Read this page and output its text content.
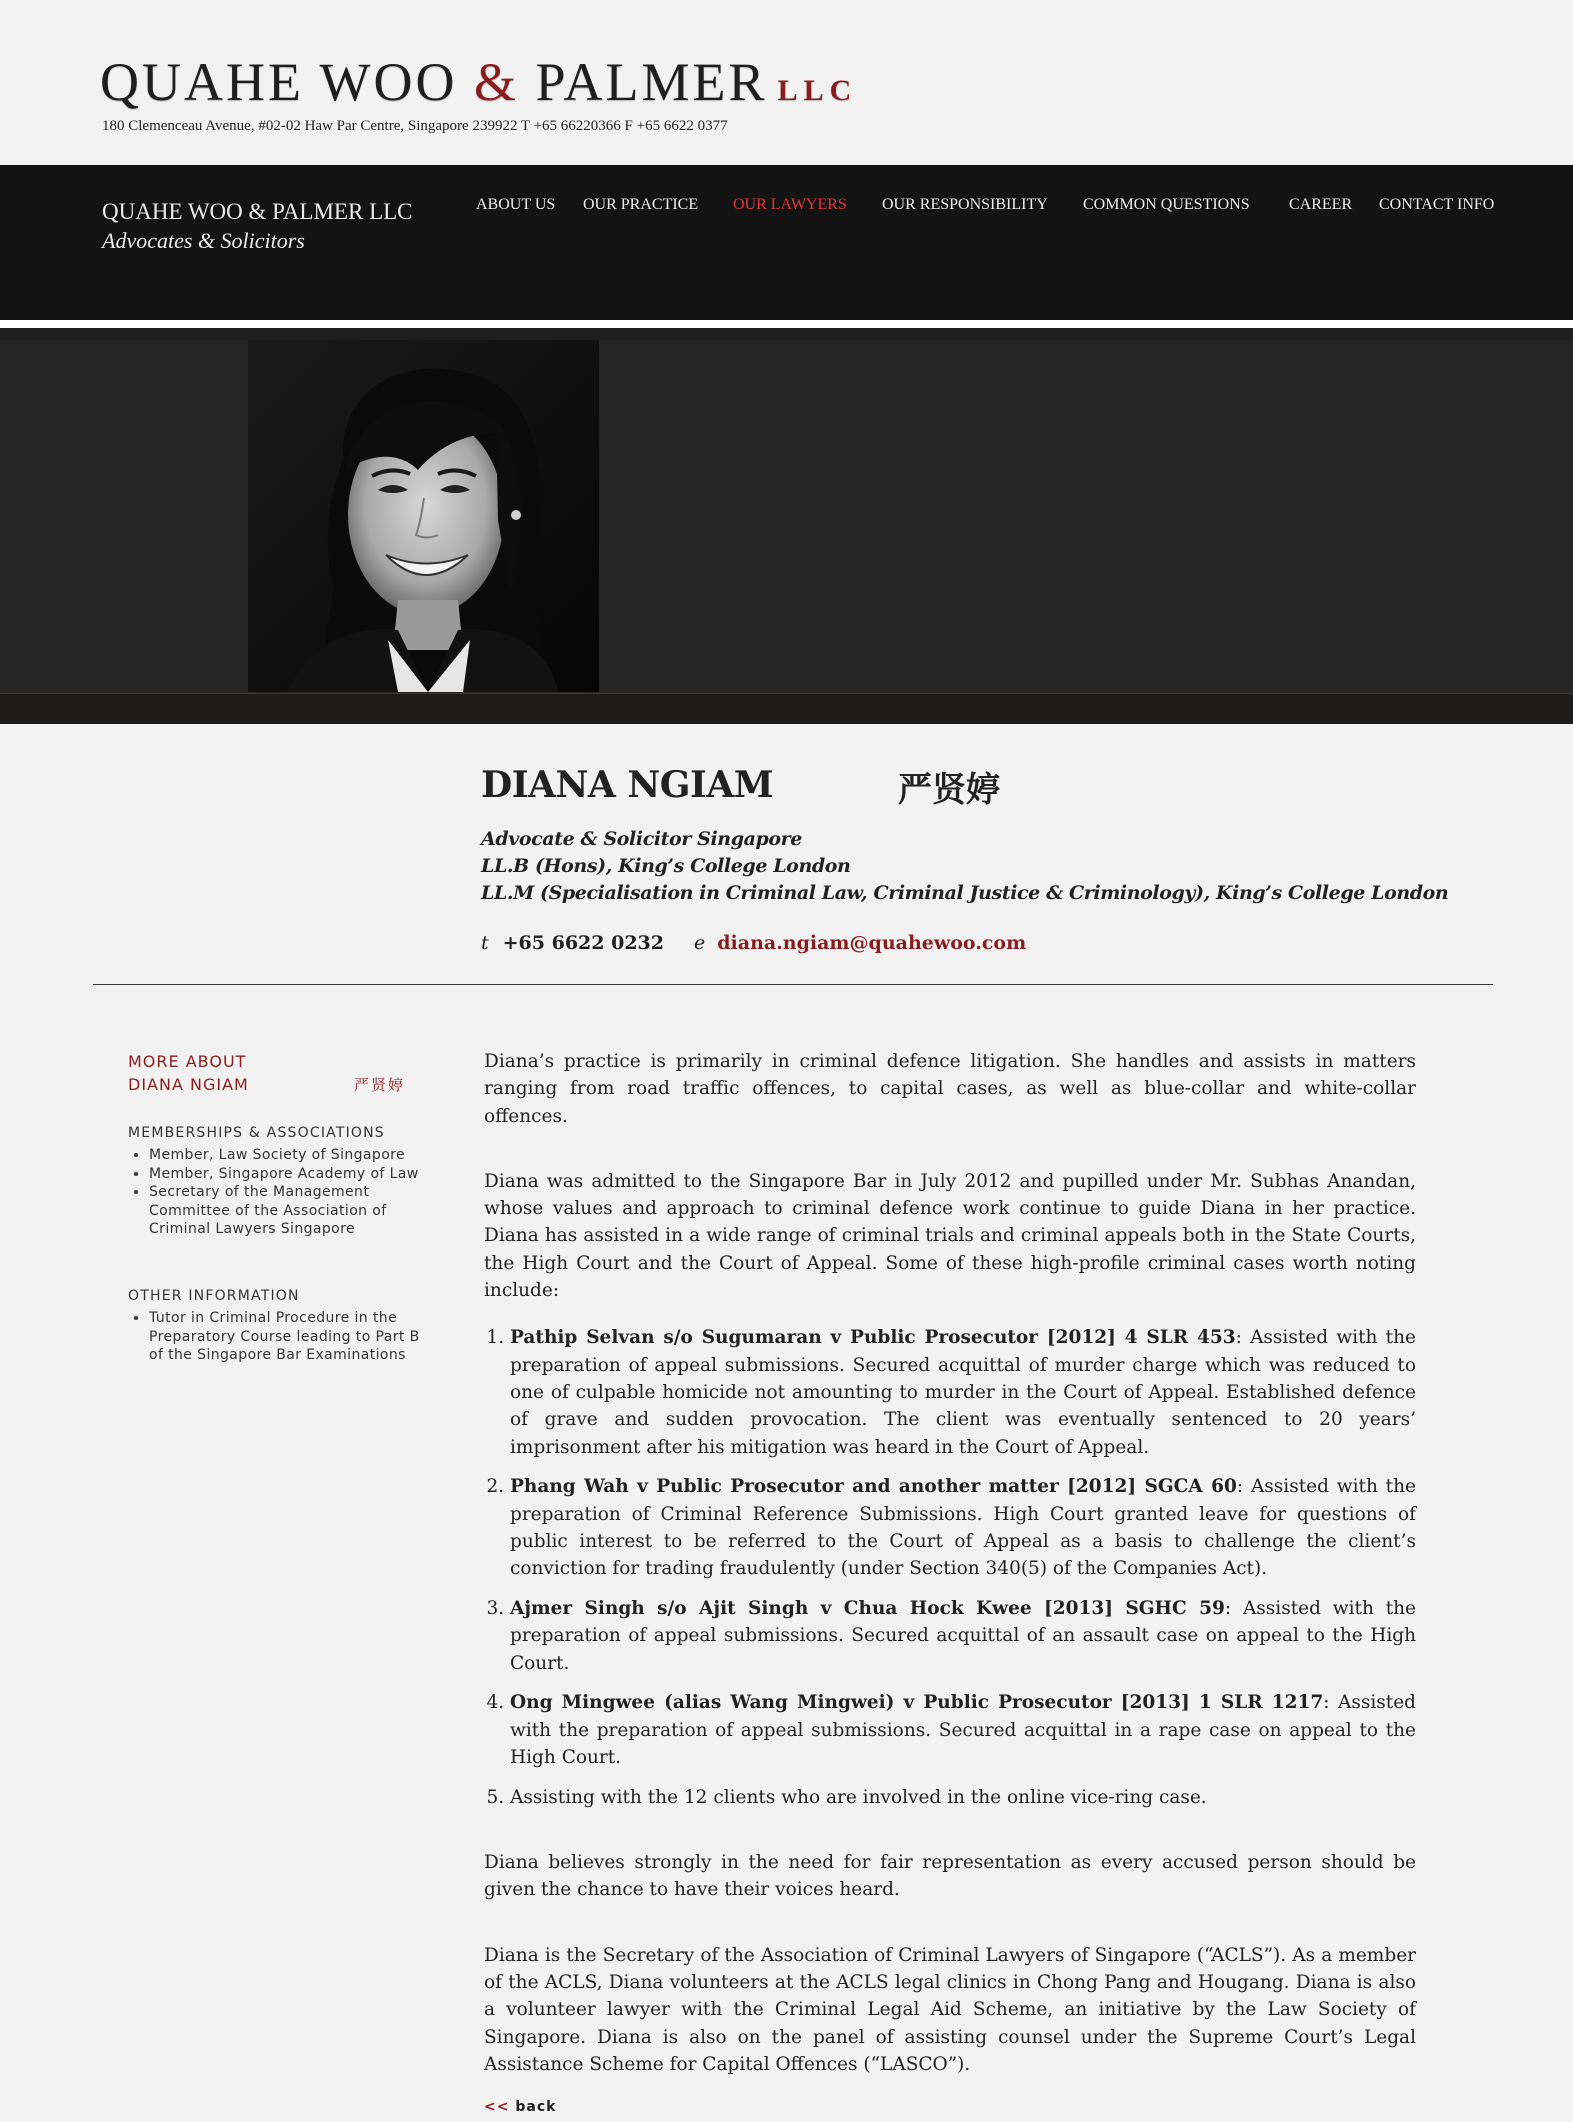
QUAHE WOO & PALMER LLC
180 Clemenceau Avenue, #02-02 Haw Par Centre, Singapore 239922 T +65 66220366 F +65 6622 0377
QUAHE WOO & PALMER LLC
Advocates & Solicitors
ABOUT US OUR PRACTICE OUR LAWYERS OUR RESPONSIBILITY COMMON QUESTIONS CAREER CONTACT INFO
DIANA NGIAM	严贤婷
Advocate & Solicitor Singapore
LL.B (Hons), King’s College London
LL.M (Specialisation in Criminal Law, Criminal Justice & Criminology), King’s College London
t +65 6622 0232 e diana.ngiam@quahewoo.com
MORE ABOUT
DIANA NGIAM	严贤婷
MEMBERSHIPS & ASSOCIATIONS
• Member, Law Society of Singapore
• Member, Singapore Academy of Law
• Secretary of the Management Committee of the Association of Criminal Lawyers Singapore
OTHER INFORMATION
• Tutor in Criminal Procedure in the Preparatory Course leading to Part B of the Singapore Bar Examinations

Diana’s practice is primarily in criminal defence litigation. She handles and assists in matters ranging from road traffic offences, to capital cases, as well as blue-collar and white-collar offences.

Diana was admitted to the Singapore Bar in July 2012 and pupilled under Mr. Subhas Anandan, whose values and approach to criminal defence work continue to guide Diana in her practice. Diana has assisted in a wide range of criminal trials and criminal appeals both in the State Courts, the High Court and the Court of Appeal. Some of these high-profile criminal cases worth noting include:

1. Pathip Selvan s/o Sugumaran v Public Prosecutor [2012] 4 SLR 453: Assisted with the preparation of appeal submissions. Secured acquittal of murder charge which was reduced to one of culpable homicide not amounting to murder in the Court of Appeal. Established defence of grave and sudden provocation. The client was eventually sentenced to 20 years’ imprisonment after his mitigation was heard in the Court of Appeal.
2. Phang Wah v Public Prosecutor and another matter [2012] SGCA 60: Assisted with the preparation of Criminal Reference Submissions. High Court granted leave for questions of public interest to be referred to the Court of Appeal as a basis to challenge the client’s conviction for trading fraudulently (under Section 340(5) of the Companies Act).
3. Ajmer Singh s/o Ajit Singh v Chua Hock Kwee [2013] SGHC 59: Assisted with the preparation of appeal submissions. Secured acquittal of an assault case on appeal to the High Court.
4. Ong Mingwee (alias Wang Mingwei) v Public Prosecutor [2013] 1 SLR 1217: Assisted with the preparation of appeal submissions. Secured acquittal in a rape case on appeal to the High Court.
5. Assisting with the 12 clients who are involved in the online vice-ring case.

Diana believes strongly in the need for fair representation as every accused person should be given the chance to have their voices heard.

Diana is the Secretary of the Association of Criminal Lawyers of Singapore (“ACLS”). As a member of the ACLS, Diana volunteers at the ACLS legal clinics in Chong Pang and Hougang. Diana is also a volunteer lawyer with the Criminal Legal Aid Scheme, an initiative by the Law Society of Singapore. Diana is also on the panel of assisting counsel under the Supreme Court’s Legal Assistance Scheme for Capital Offences (“LASCO”).

<< back
